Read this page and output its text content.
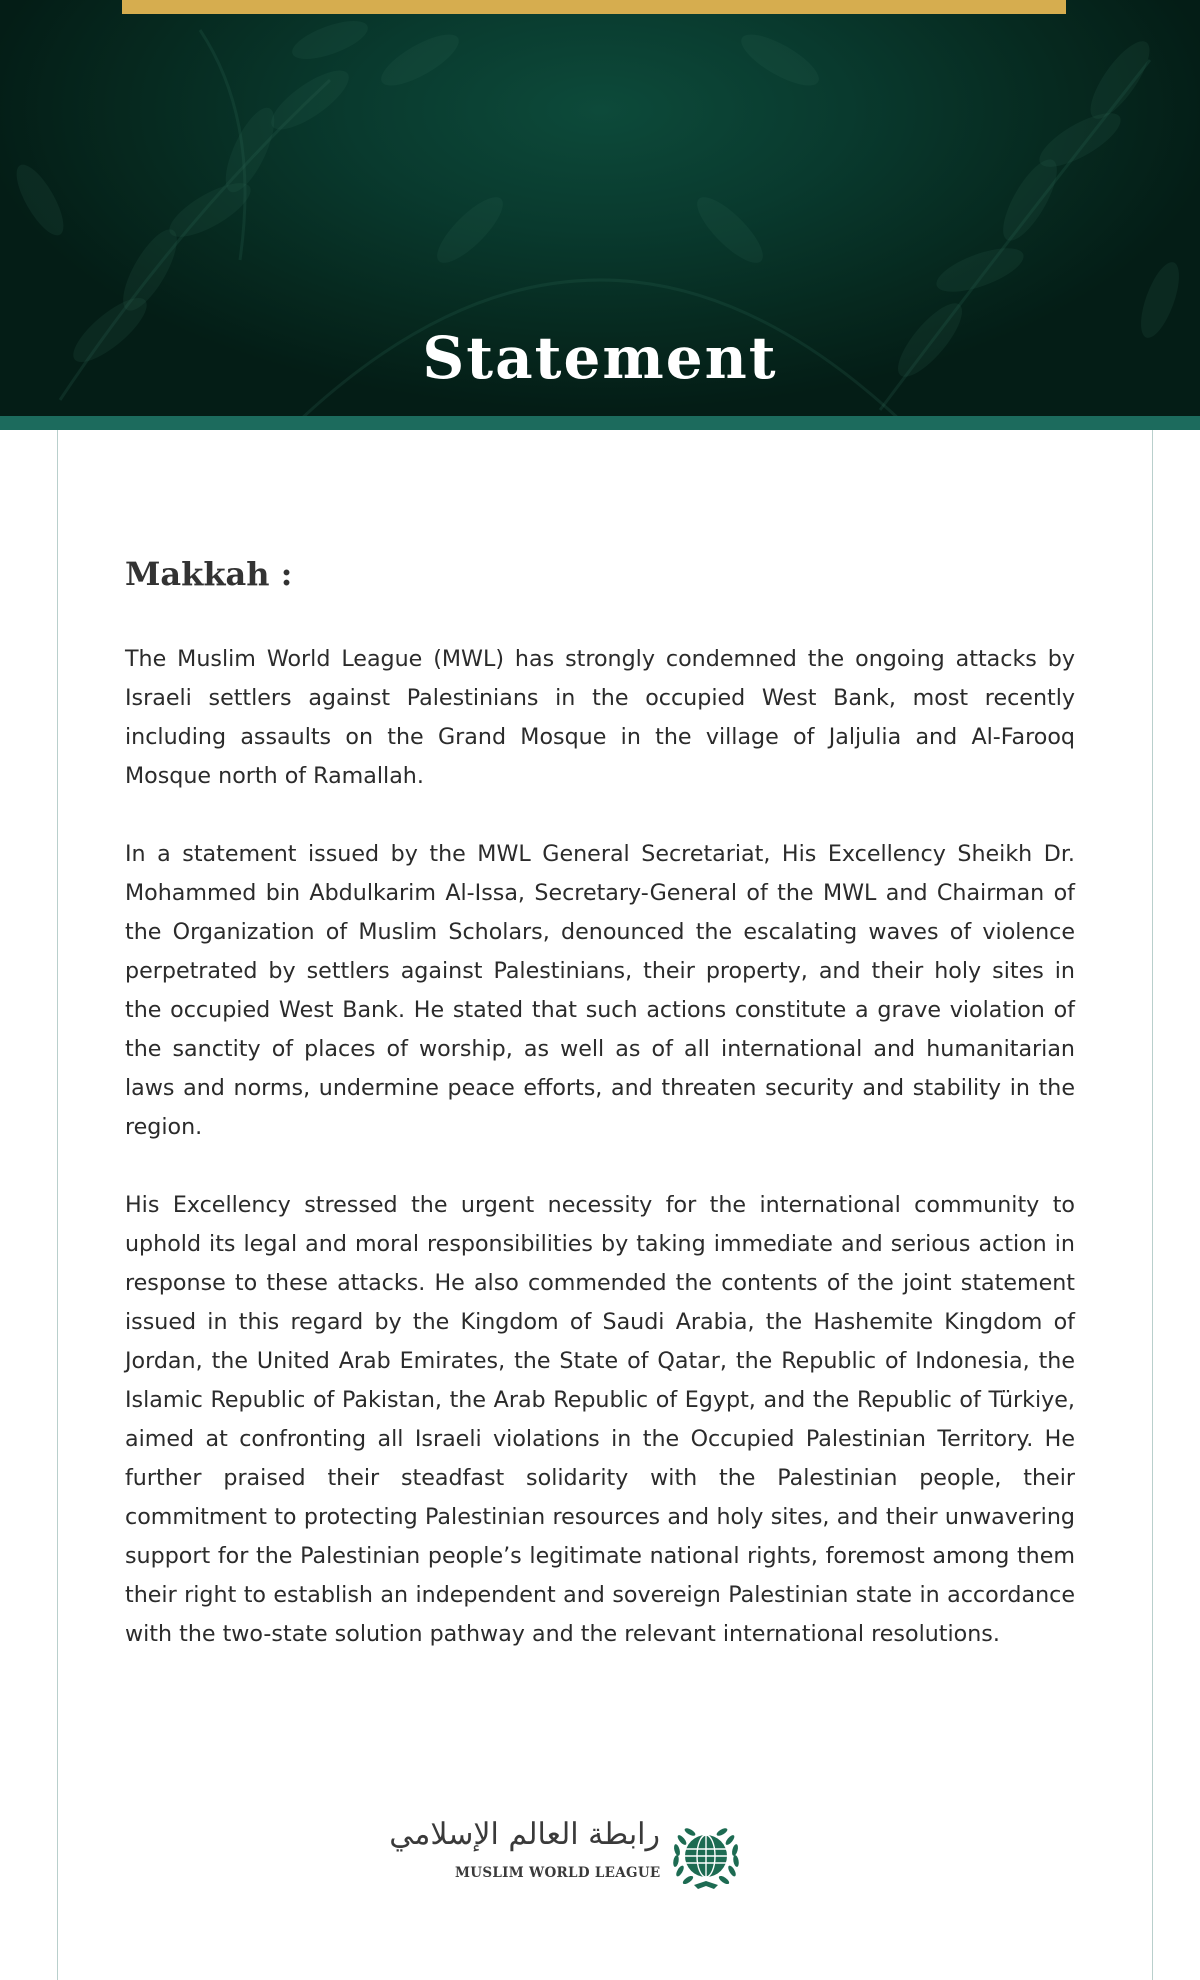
Statement
Makkah :

The Muslim World League (MWL) has strongly condemned the ongoing attacks by Israeli settlers against Palestinians in the occupied West Bank, most recently including assaults on the Grand Mosque in the village of Jaljulia and Al-Farooq Mosque north of Ramallah.

In a statement issued by the MWL General Secretariat, His Excellency Sheikh Dr. Mohammed bin Abdulkarim Al-Issa, Secretary-General of the MWL and Chairman of the Organization of Muslim Scholars, denounced the escalating waves of violence perpetrated by settlers against Palestinians, their property, and their holy sites in the occupied West Bank. He stated that such actions constitute a grave violation of the sanctity of places of worship, as well as of all international and humanitarian laws and norms, undermine peace efforts, and threaten security and stability in the region.

His Excellency stressed the urgent necessity for the international community to uphold its legal and moral responsibilities by taking immediate and serious action in response to these attacks. He also commended the contents of the joint statement issued in this regard by the Kingdom of Saudi Arabia, the Hashemite Kingdom of Jordan, the United Arab Emirates, the State of Qatar, the Republic of Indonesia, the Islamic Republic of Pakistan, the Arab Republic of Egypt, and the Republic of Türkiye, aimed at confronting all Israeli violations in the Occupied Palestinian Territory. He further praised their steadfast solidarity with the Palestinian people, their commitment to protecting Palestinian resources and holy sites, and their unwavering support for the Palestinian people’s legitimate national rights, foremost among them their right to establish an independent and sovereign Palestinian state in accordance with the two-state solution pathway and the relevant international resolutions.

رابطة العالم الإسلامي
MUSLIM WORLD LEAGUE
